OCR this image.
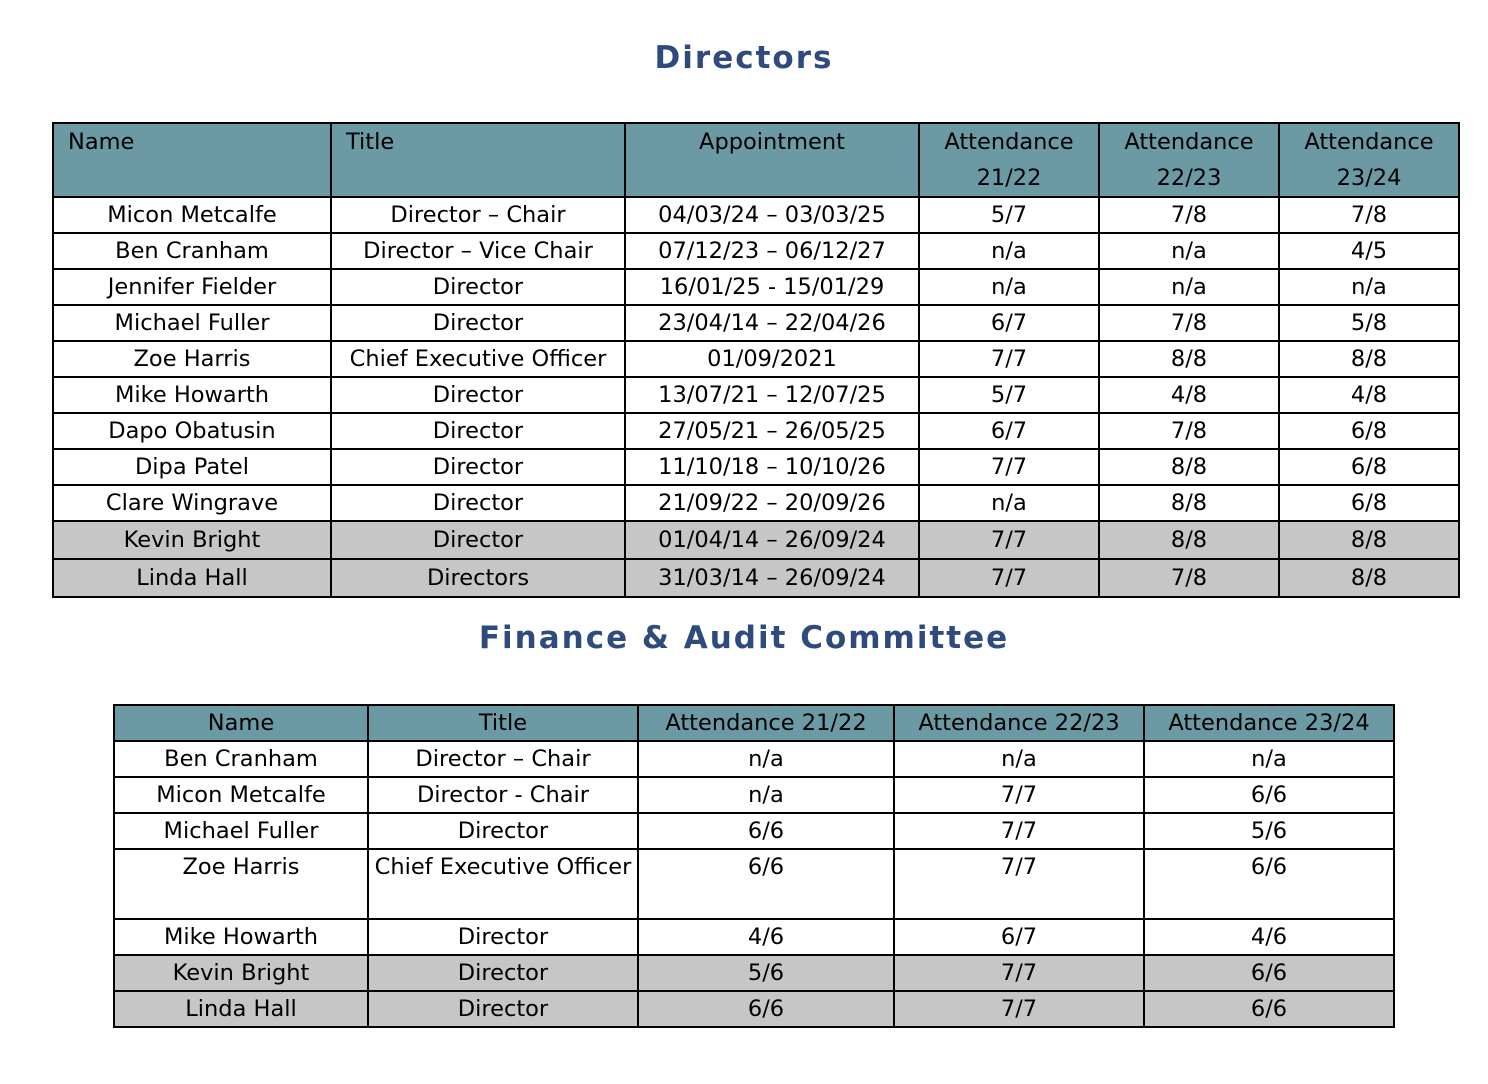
Directors
Name	Title	Appointment	Attendance 21/22	Attendance 22/23	Attendance 23/24
Micon Metcalfe	Director – Chair	04/03/24 – 03/03/25	5/7	7/8	7/8
Ben Cranham	Director – Vice Chair	07/12/23 – 06/12/27	n/a	n/a	4/5
Jennifer Fielder	Director	16/01/25 - 15/01/29	n/a	n/a	n/a
Michael Fuller	Director	23/04/14 – 22/04/26	6/7	7/8	5/8
Zoe Harris	Chief Executive Officer	01/09/2021	7/7	8/8	8/8
Mike Howarth	Director	13/07/21 – 12/07/25	5/7	4/8	4/8
Dapo Obatusin	Director	27/05/21 – 26/05/25	6/7	7/8	6/8
Dipa Patel	Director	11/10/18 – 10/10/26	7/7	8/8	6/8
Clare Wingrave	Director	21/09/22 – 20/09/26	n/a	8/8	6/8
Kevin Bright	Director	01/04/14 – 26/09/24	7/7	8/8	8/8
Linda Hall	Directors	31/03/14 – 26/09/24	7/7	7/8	8/8
Finance & Audit Committee
Name	Title	Attendance 21/22	Attendance 22/23	Attendance 23/24
Ben Cranham	Director – Chair	n/a	n/a	n/a
Micon Metcalfe	Director - Chair	n/a	7/7	6/6
Michael Fuller	Director	6/6	7/7	5/6
Zoe Harris	Chief Executive Officer	6/6	7/7	6/6
Mike Howarth	Director	4/6	6/7	4/6
Kevin Bright	Director	5/6	7/7	6/6
Linda Hall	Director	6/6	7/7	6/6
